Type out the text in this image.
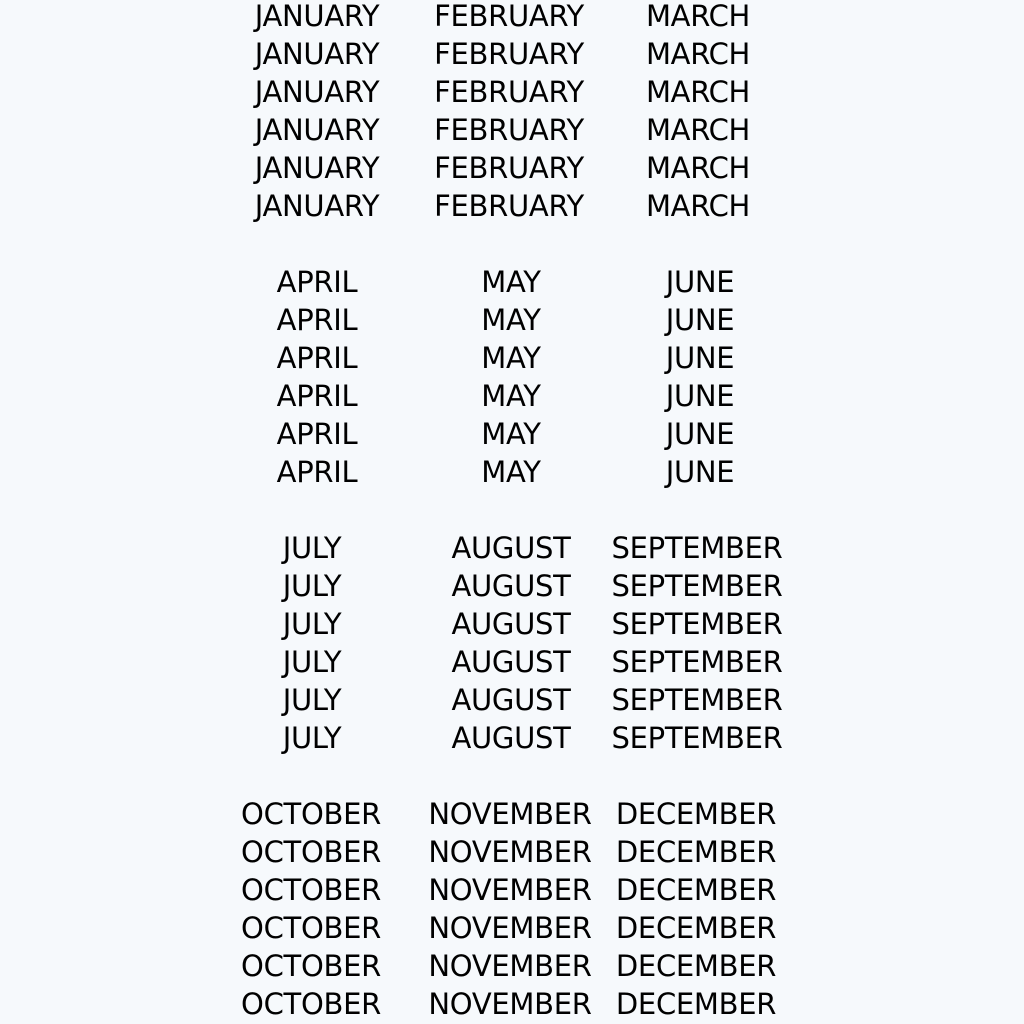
JANUARY FEBRUARY MARCH
JANUARY FEBRUARY MARCH
JANUARY FEBRUARY MARCH
JANUARY FEBRUARY MARCH
JANUARY FEBRUARY MARCH
JANUARY FEBRUARY MARCH
APRIL	MAY	JUNE
APRIL	MAY	JUNE
APRIL	MAY	JUNE
APRIL	MAY	JUNE
APRIL	MAY	JUNE
APRIL	MAY	JUNE
JULY	AUGUST SEPTEMBER
JULY	AUGUST SEPTEMBER
JULY	AUGUST SEPTEMBER
JULY	AUGUST SEPTEMBER
JULY	AUGUST SEPTEMBER
JULY	AUGUST SEPTEMBER
OCTOBER NOVEMBER DECEMBER
OCTOBER NOVEMBER DECEMBER
OCTOBER NOVEMBER DECEMBER
OCTOBER NOVEMBER DECEMBER
OCTOBER NOVEMBER DECEMBER
OCTOBER NOVEMBER DECEMBER
